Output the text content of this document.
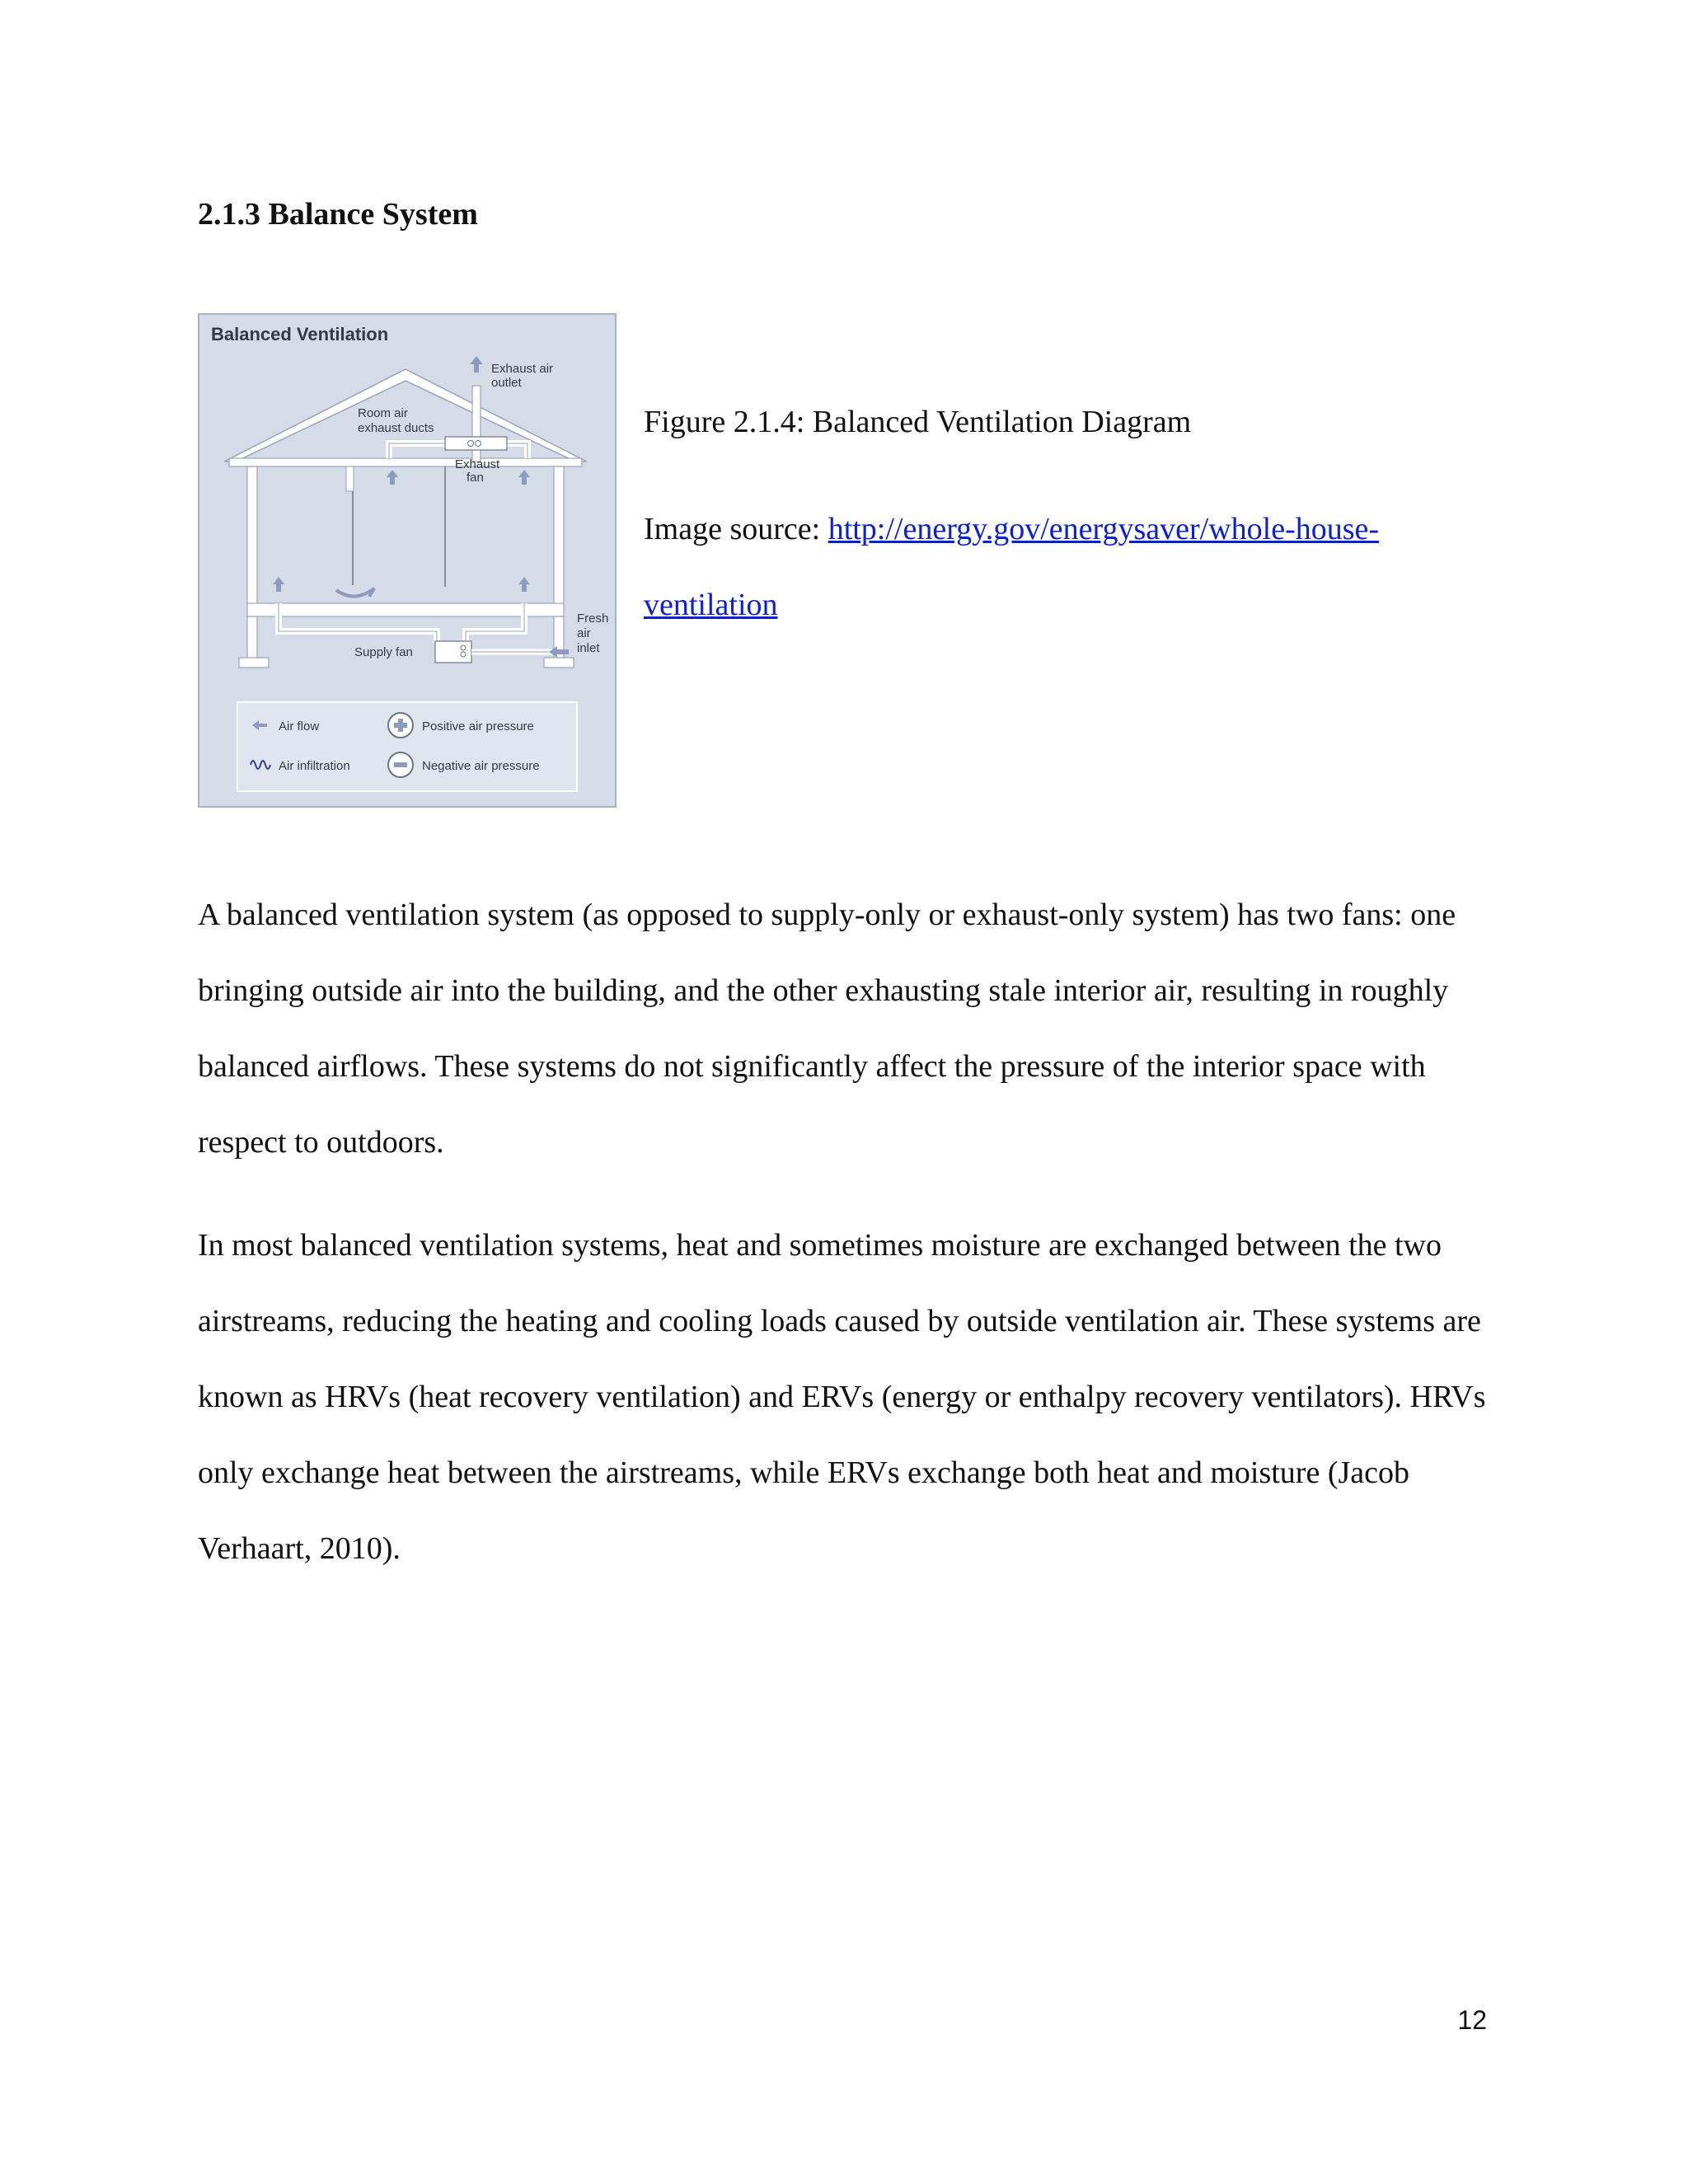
2.1.3 Balance System
Balanced Ventilation
Exhaust air
outlet
Room air
exhaust ducts
Exhaust
fan
Supply fan
Fresh
air
inlet
Air flow
Air infiltration
Positive air pressure
Negative air pressure

Figure 2.1.4: Balanced Ventilation Diagram

Image source: http://energy.gov/energysaver/whole-house-ventilation

A balanced ventilation system (as opposed to supply-only or exhaust-only system) has two fans: one bringing outside air into the building, and the other exhausting stale interior air, resulting in roughly balanced airflows. These systems do not significantly affect the pressure of the interior space with respect to outdoors.

In most balanced ventilation systems, heat and sometimes moisture are exchanged between the two airstreams, reducing the heating and cooling loads caused by outside ventilation air. These systems are known as HRVs (heat recovery ventilation) and ERVs (energy or enthalpy recovery ventilators). HRVs only exchange heat between the airstreams, while ERVs exchange both heat and moisture (Jacob Verhaart, 2010).

12
